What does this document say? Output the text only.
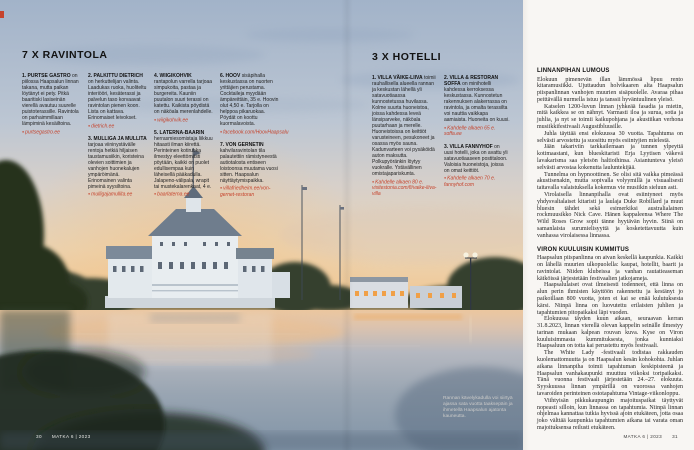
7 X RAVINTOLA

1. PURTSE GASTRO on piilossa Haapsalun linnan takana, mutta paikan löytänyt ei pety. Pitkä baaritiski lasiseinän vierellä avautuu suurelle puistoterassille. Ravintola on parhaimmillaan lämpiminä kesäiltoina.

● purtsegastro.ee

2. PALKITTU DIETRICH on herkuttelijan valinta. Laadukas ruoka, huoliteltu interiööri, kesäterassi ja palvelun taso korvaavat ravintolan pienen koon. Lista on kattava. Erinomaiset leivokset.

● dietrich.ee

3. MULLIGA JA MULLITA tarjoaa viininystävälle rentoja hetkiä hiljaisen taustamusiikin, koristeina olevien soittimien ja vanhojen huonekalujen ympäröimänä. Erinomainen valinta pimeinä syysiltoina.

● mulligajamullita.ee

4. WIIGIKOHVIK rantapolun varrella tarjoaa simpukoita, pastaa ja burgereita. Kauniin puutalon suuri terassi on katettu. Kaikista pöydistä on näköala merenlahdelle.

● wiigikohvik.ee

5. LATERNA-BAARIN herrasmiesomistaja liikkuu hitaasti ilman kiirettä. Perinteinen kotiruoka ilmestyy eleettömästi pöytään, kaikki on puolet edullisempaa kuin läheisellä pääkadulla. Jalapeno-välipala, wrapit tai mustekalarenkaat, 4 e.

● baarlaterna.ee

6. HOOV sisäpihalla keskustassa on nuorten yrittäjien perustama. Cocktaileja myydään ämpäreittäin, 35 e. Hoovin olut 4,50 e. Tarjolla on helppoa pikaruokaa. Pöydät on koottu kuormalavoista.

● facebook.com/HoovHaapsalu

7. VON GERNETIN kahvilaravintolan tila palautettiin rämistyneestä autiotalosta entiseen loistoonsa muutama vuosi sitten. Haapsalun näyttäytymispaikka.

● villafriedheim.ee/von-gernet-restoran

3 X HOTELLI

1. VILLA VÄIKE-LIIVA toimii rauhallisella alueella rannan ja keskustan lähellä yli satavuotiaassa kunnostetussa huvilassa. Kolme suurta huoneistoa, joissa kahdessa leveä länsiparveke, näköala puutarhaan ja merelle. Huoneistoissa on keittiöt varusteineen, pesukoneet ja osassa myös sauna. Kadunvarteen voi pysäköidä auton maksutta. Polkupyöränkin löytyy vuokralle. Ystävällinen omistajapariskunta.

● Kahdelle alkaen 80 e. visitestonia.com/fi/vaike-liiva-villa

2. VILLA & RESTORAN SOFFA on minihotelli kahdessa kerroksessa keskustassa. Kunnostetun rakennuksen alakerrassa on ravintola, ja omalta terassilta voi nauttia vaikkapa aamiaista. Huoneita on kuusi.

● Kahdelle alkaen 65 e. soffa.ee

3. VILLA FANNYHOF on uusi hotelli, joka on avattu yli satavuotiaaseen postitaloon. Valoisia huoneistoja, joissa on omat keittiöt.

● Kahdelle alkaen 70 e. fannyhof.com

Rannan kävelykadulla voi siirtyä ajassa sata vuotta taaksepäin ja ihmetellä Haapsalun ajatonta kauneutta.
LINNANPIHAN LUMOUS

Elokuun pimenevän illan lämmössä lipuu rento kitaramusiikki. Ujuttaudun holvikaaren alta Haapsalun piispanlinnan vanhojen muurien sisäpuolelle. Avaraa pihaa peittävällä nurmella istuu ja tanssii hyväntuulinen yleisö.

Katselen 1200-luvun linnan jyhkeää fasadia ja mietin, mitä kaikkea se on nähnyt. Varmasti iloa ja surua, sotia ja juhlia, ja nyt se toimii kaikupohjana ja akustiikan verhona musiikkifestivaali Augustibluusille.

Juhla täyttää ensi elokuussa 30 vuotta. Tapahtuma on selvästi arvostettu ja suosittu myös esiintyjien mielestä.

Jään takariviin tarkkailemaan ja tunnen ylpeyttä kotimaastani, kun blueskitaristi Erja Lyytisen väkevä lavakarisma saa yleisön haltioihinsa. Asiantunteva yleisö selvästi arvostaa kokenutta lauluntekijää.

Tunnelma on hypnoottinen. Se olisi sitä vaikka pimeässä akustisenakin, mutta sopivalla volyymillä ja visuaalisesti taitavalla valaistuksella kokemus vie musiikin sieluun asti.

Virolaisella linnanpihalla ovat esiintyneet myös yhdysvaltalaiset kitaristi ja laulaja Duke Robillard ja muut bluesin tähdet sekä esimerkiksi australialainen rockmuusikko Nick Cave. Hänen kappaleensa Where The Wild Roses Grow sopii tänne hyytävän hyvin. Siinä on samanlaista surumielisyyttä ja kosketettavuutta kuin vanhassa virolaisessa linnassa.

VIRON KUULUISIN KUMMITUS

Haapsalun piispanlinna on aivan keskellä kaupunkia. Kaikki on lähellä muurien ulkopuolella: kaupat, hotellit, baarit ja ravintolat. Niiden klubeissa ja vanhan rautatieaseman kätköissä järjestetään festivaalien jatkojameja.

Haapsalulaiset ovat ilmeisesti todenneet, että linna on alun perin ihmisten käyttöön rakennettu ja kestänyt jo paikoillaan 800 vuotta, joten ei kai se enää kulutuksesta kärsi. Niinpä linna on luovutettu erilaisten juhlien ja tapahtumien pitopaikaksi läpi vuoden.

Elokuussa täyden kuun aikaan, seuraavan kerran 31.8.2023, linnan vierellä olevan kappelin seinälle ilmestyy tarinan mukaan kalpean rouvan kuva. Kyse on Viron kuuluisimmasta kummituksesta, jonka kunniaksi Haapsaluun on totta kai perustettu myös festivaali.

The White Lady -festivaali todistaa rakkauden kuolemattomuutta ja on Haapsalun kesän kohokohta. Juhlan aikana linnanpiha toimii tapahtuman keskipisteenä ja Haapsalun vanhakaupunki muuttuu viikoksi toripaikaksi. Tänä vuonna festivaali järjestetään 24.–27. elokuuta. Syyskuussa linnan ympärillä on vuorossa vanhojen tavaroiden perinteinen ostotapahtuma Vintage-viikonloppu.

Viihtyisän pikkukaupungin majoituspaikat täyttyvät nopeasti silloin, kun linnassa on tapahtumia. Niinpä linnan ohjelmaa kannattaa tutkia hyvissä ajoin etukäteen, jotta osaa joko välttää kaupunkia tapahtumien aikana tai varata oman majoituksensa reilusti etukäteen.

30 MATKA 6 | 2023	MATKA 6 | 2023 31
